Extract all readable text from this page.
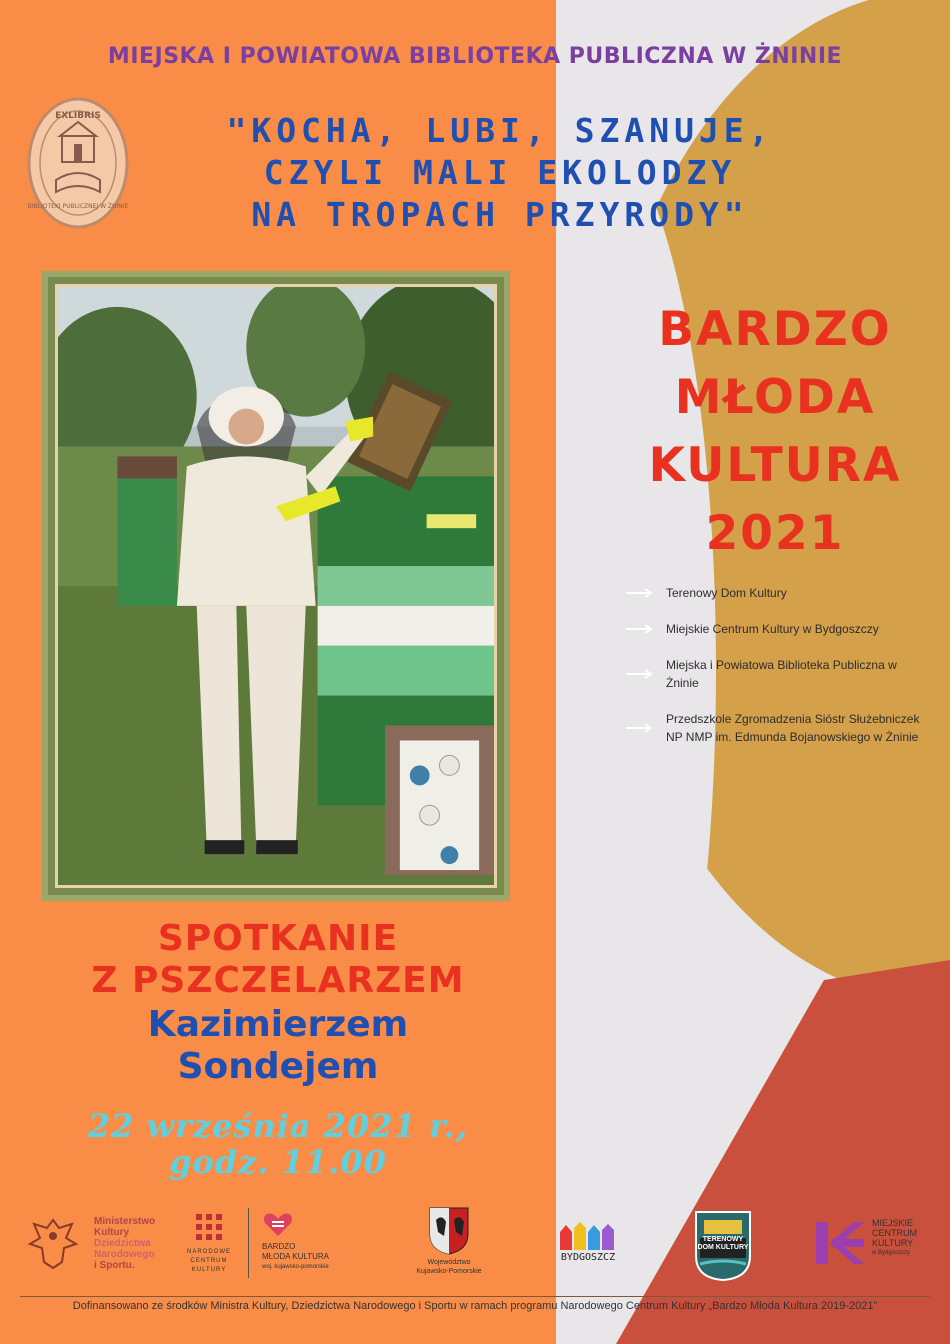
MIEJSKA I POWIATOWA BIBLIOTEKA PUBLICZNA W ŻNINIE
EXLIBRIS
BIBLIOTEKI PUBLICZNEJ W ŻNINIE
"KOCHA, LUBI, SZANUJE,
CZYLI MALI EKOLODZY
NA TROPACH PRZYRODY"
BARDZO
MŁODA
KULTURA
2021
Terenowy Dom Kultury
Miejskie Centrum Kultury w Bydgoszczy
Miejska i Powiatowa Biblioteka Publiczna w Żninie
Przedszkole Zgromadzenia Sióstr Służebniczek NP NMP im. Edmunda Bojanowskiego w Żninie
SPOTKANIE
Z PSZCZELARZEM
Kazimierzem
Sondejem
22 września 2021 r.,
godz. 11.00
Ministerstwo
Kultury
Dziedzictwa
Narodowego
i Sportu.
NARODOWE
CENTRUM
KULTURY
BARDZO
MŁODA KULTURA
woj. kujawsko-pomorskie
Województwo
Kujawsko-Pomorskie
BYDGOSZCZ
TERENOWY
DOM KULTURY
MIEJSKIE
CENTRUM
KULTURY
w Bydgoszczy
Dofinansowano ze środków Ministra Kultury, Dziedzictwa Narodowego i Sportu w ramach programu Narodowego Centrum Kultury „Bardzo Młoda Kultura 2019-2021”
